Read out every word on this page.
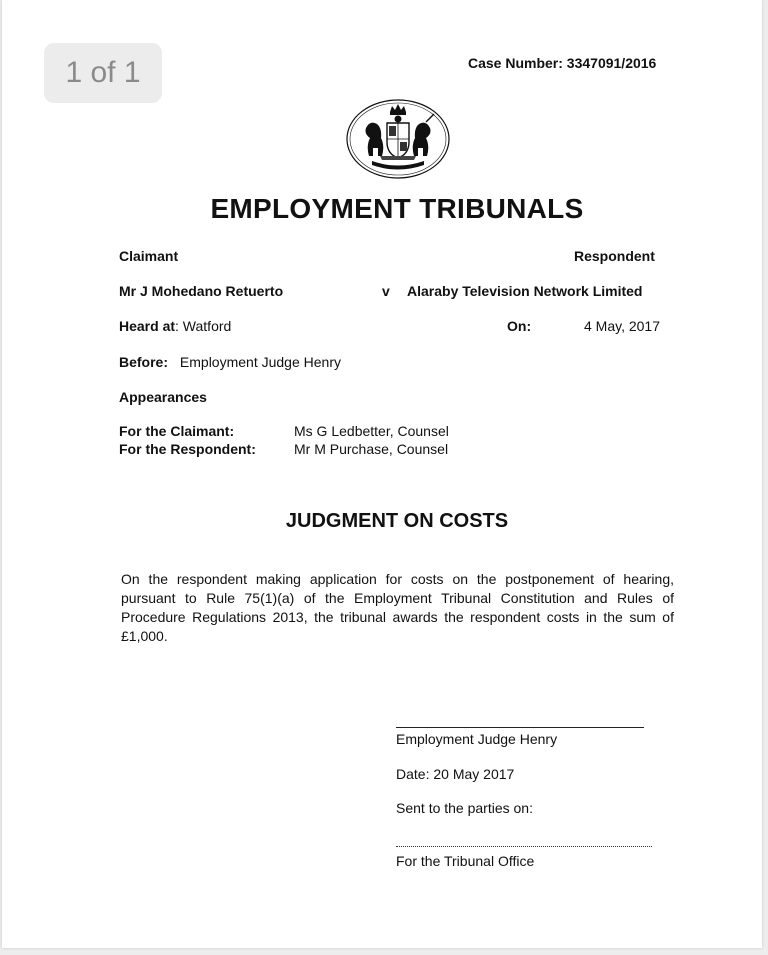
1 of 1	Case Number: 3347091/2016
EMPLOYMENT TRIBUNALS
Claimant	Respondent
Mr J Mohedano Retuerto	v Alaraby Television Network Limited
Heard at: Watford	On:	4 May, 2017
Before: Employment Judge Henry
Appearances
For the Claimant:	Ms G Ledbetter, Counsel
For the Respondent:	Mr M Purchase, Counsel
JUDGMENT ON COSTS
On the respondent making application for costs on the postponement of hearing, pursuant to Rule 75(1)(a) of the Employment Tribunal Constitution and Rules of Procedure Regulations 2013, the tribunal awards the respondent costs in the sum of £1,000.
Employment Judge Henry
Date: 20 May 2017
Sent to the parties on:
For the Tribunal Office
